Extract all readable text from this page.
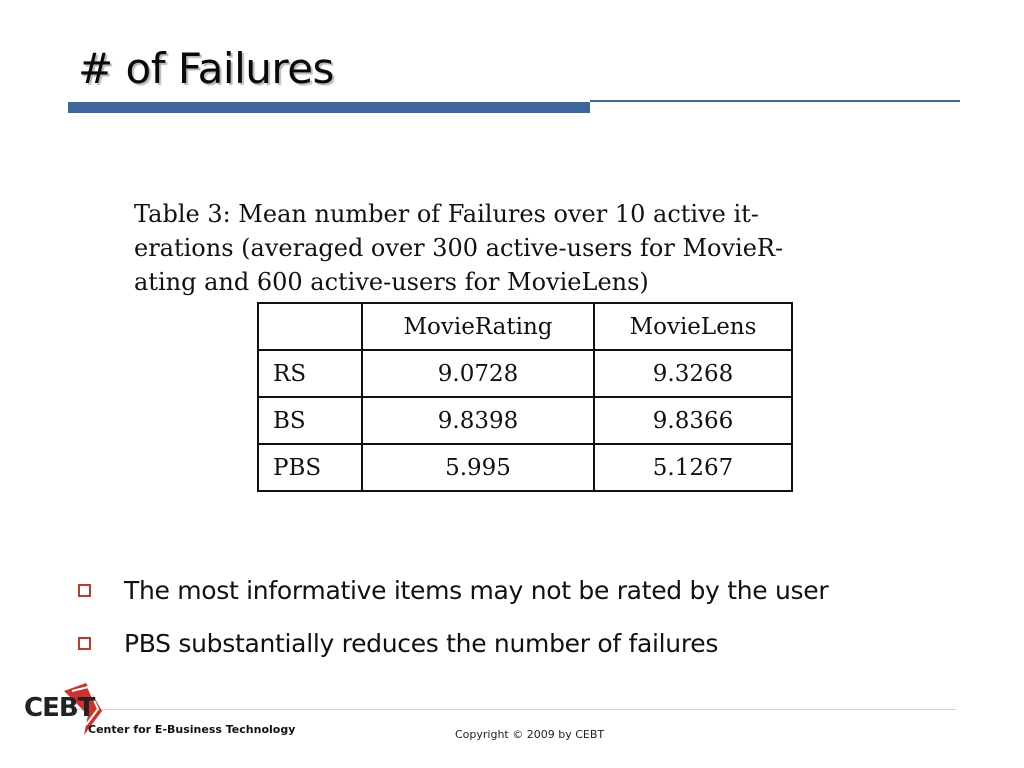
# of Failures
Table 3: Mean number of Failures over 10 active it-
erations (averaged over 300 active-users for MovieR-
ating and 600 active-users for MovieLens)
	MovieRating	MovieLens
RS	9.0728	9.3268
BS	9.8398	9.8366
PBS	5.995	5.1267
The most informative items may not be rated by the user
PBS substantially reduces the number of failures
CEBT
Center for E-Business Technology	Copyright © 2009 by CEBT
